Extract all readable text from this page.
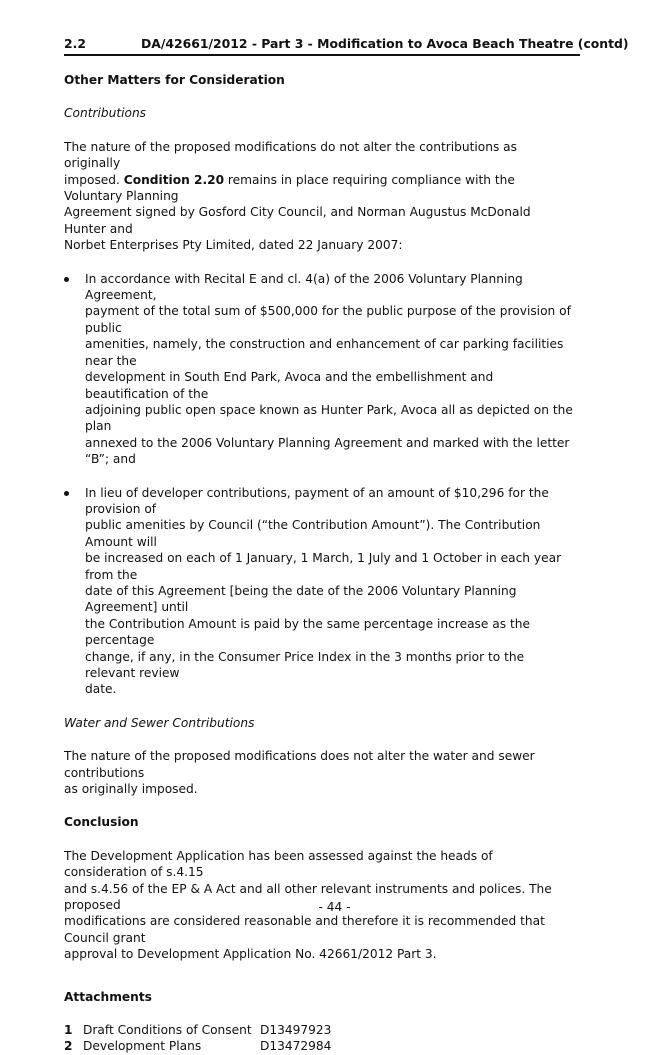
2.2	DA/42661/2012 - Part 3 - Modification to Avoca Beach Theatre (contd)

Other Matters for Consideration

Contributions

The nature of the proposed modifications do not alter the contributions as originally

imposed. Condition 2.20 remains in place requiring compliance with the Voluntary Planning

Agreement signed by Gosford City Council, and Norman Augustus McDonald Hunter and

Norbet Enterprises Pty Limited, dated 22 January 2007:

In accordance with Recital E and cl. 4(a) of the 2006 Voluntary Planning Agreement,

payment of the total sum of $500,000 for the public purpose of the provision of public

amenities, namely, the construction and enhancement of car parking facilities near the

development in South End Park, Avoca and the embellishment and beautification of the

adjoining public open space known as Hunter Park, Avoca all as depicted on the plan

annexed to the 2006 Voluntary Planning Agreement and marked with the letter “B”; and

In lieu of developer contributions, payment of an amount of $10,296 for the provision of

public amenities by Council (“the Contribution Amount”). The Contribution Amount will

be increased on each of 1 January, 1 March, 1 July and 1 October in each year from the

date of this Agreement [being the date of the 2006 Voluntary Planning Agreement] until

the Contribution Amount is paid by the same percentage increase as the percentage

change, if any, in the Consumer Price Index in the 3 months prior to the relevant review

date.

Water and Sewer Contributions

The nature of the proposed modifications does not alter the water and sewer contributions

as originally imposed.

Conclusion

The Development Application has been assessed against the heads of consideration of s.4.15

and s.4.56 of the EP & A Act and all other relevant instruments and polices. The proposed

modifications are considered reasonable and therefore it is recommended that Council grant

approval to Development Application No. 42661/2012 Part 3.

Attachments

1 Draft Conditions of Consent D13497923
2 Development Plans	D13472984
- 44 -
